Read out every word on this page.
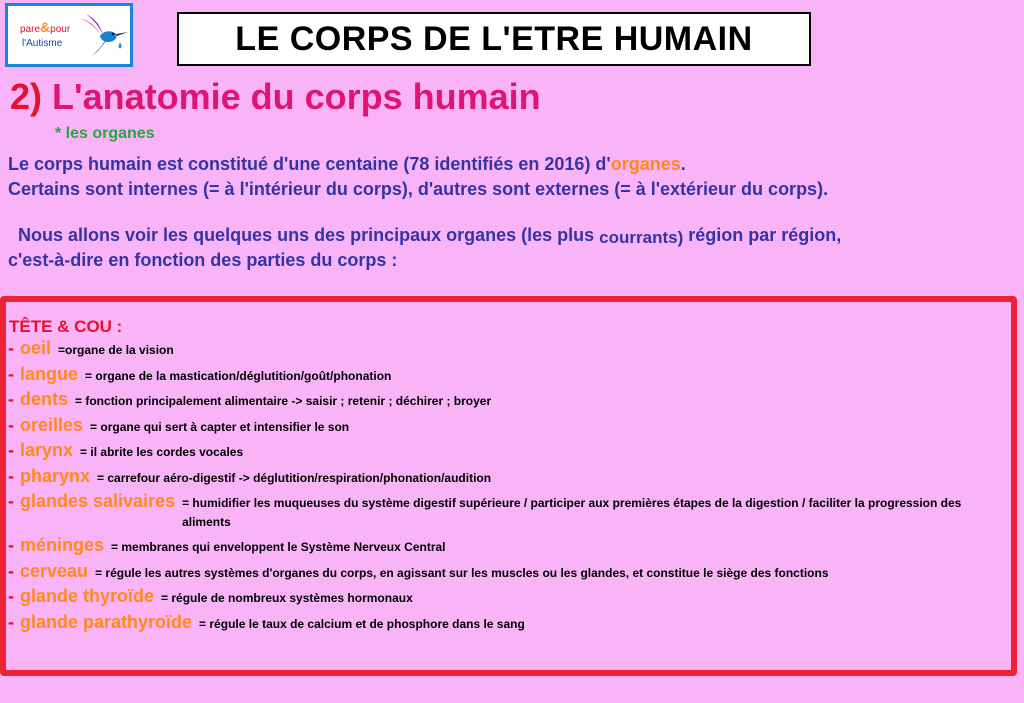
pare&pour
l'Autisme	LE CORPS DE L'ETRE HUMAIN
2) L'anatomie du corps humain
* les organes

Le corps humain est constitué d'une centaine (78 identifiés en 2016) d'organes.

Certains sont internes (= à l'intérieur du corps), d'autres sont externes (= à l'extérieur du corps).

Nous allons voir les quelques uns des principaux organes (les plus courrants) région par région,

c'est-à-dire en fonction des parties du corps :

TÊTE & COU :
- oeil =organe de la vision
- langue = organe de la mastication/déglutition/goût/phonation
- dents = fonction principalement alimentaire -> saisir ; retenir ; déchirer ; broyer
- oreilles = organe qui sert à capter et intensifier le son
- larynx = il abrite les cordes vocales
- pharynx = carrefour aéro-digestif -> déglutition/respiration/phonation/audition
- glandes salivaires = humidifier les muqueuses du système digestif supérieure / participer aux premières étapes de la digestion / faciliter la progression des aliments
- méninges = membranes qui enveloppent le Système Nerveux Central
- cerveau = régule les autres systèmes d'organes du corps, en agissant sur les muscles ou les glandes, et constitue le siège des fonctions
- glande thyroïde = régule de nombreux systèmes hormonaux
- glande parathyroïde = régule le taux de calcium et de phosphore dans le sang
